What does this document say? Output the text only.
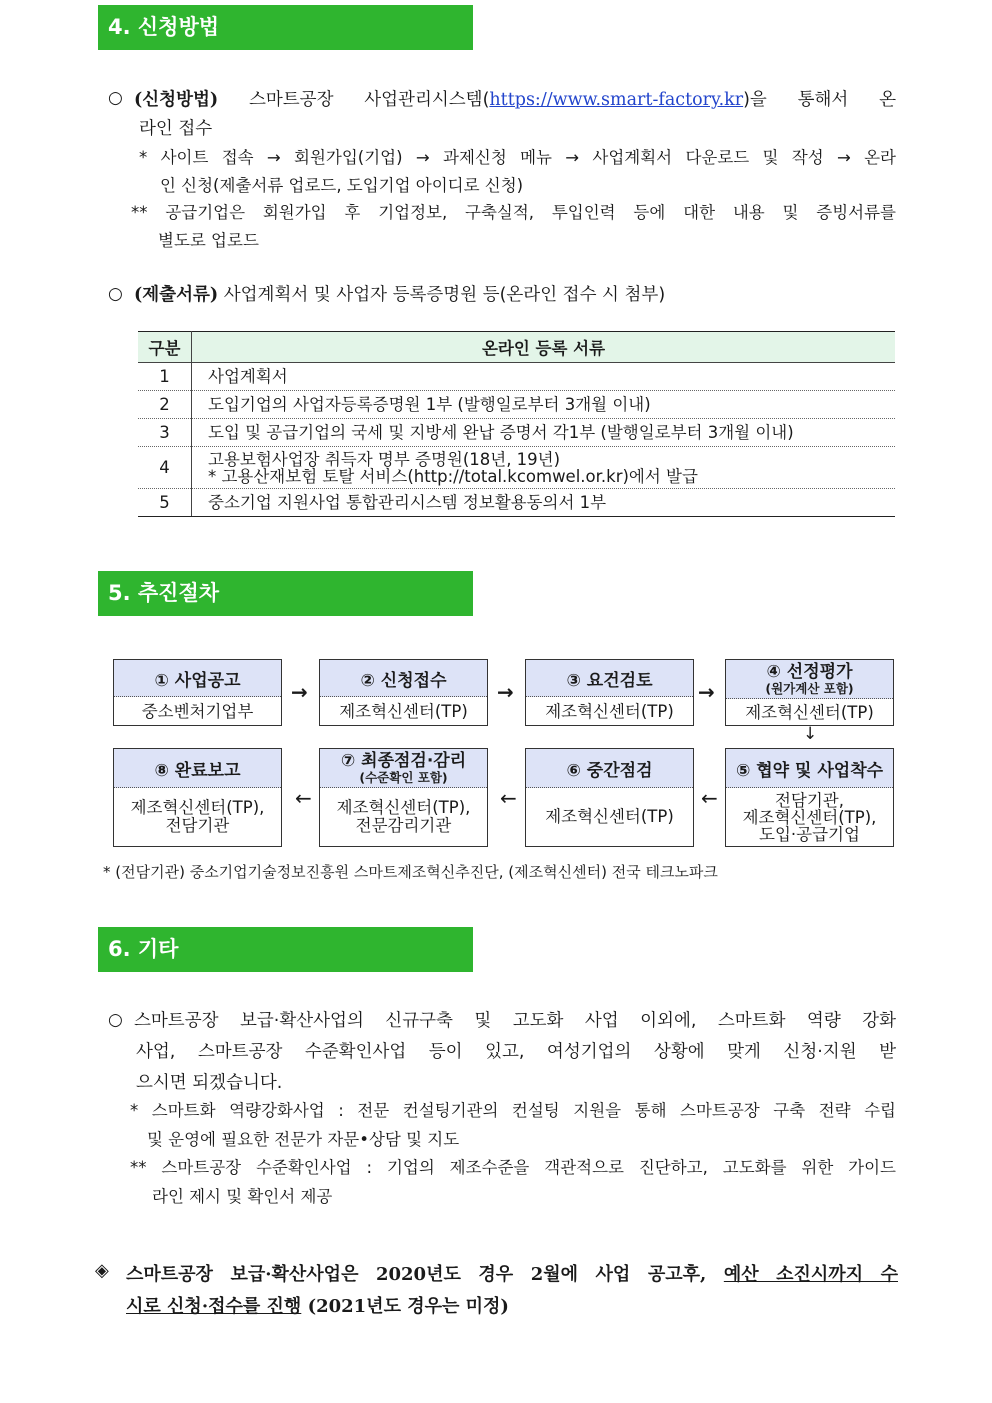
4. 신청방법
○ (신청방법) 스마트공장 사업관리시스템(https://www.smart-factory.kr)을 통해서 온
라인 접수
* 사이트 접속 → 회원가입(기업) → 과제신청 메뉴 → 사업계획서 다운로드 및 작성 → 온라
인 신청(제출서류 업로드, 도입기업 아이디로 신청)
** 공급기업은 회원가입 후 기업정보, 구축실적, 투입인력 등에 대한 내용 및 증빙서류를
별도로 업로드
○ (제출서류) 사업계획서 및 사업자 등록증명원 등(온라인 접수 시 첨부)
구분	온라인 등록 서류
1	사업계획서
2	도입기업의 사업자등록증명원 1부 (발행일로부터 3개월 이내)
3	도입 및 공급기업의 국세 및 지방세 완납 증명서 각1부 (발행일로부터 3개월 이내)
4	고용보험사업장 취득자 명부 증명원(18년, 19년)
* 고용산재보험 토탈 서비스(http://total.kcomwel.or.kr)에서 발급

5	중소기업 지원사업 통합관리시스템 정보활용동의서 1부
5. 추진절차
① 사업공고
중소벤처기업부
→	② 신청접수
제조혁신센터(TP)
→	③ 요건검토
제조혁신센터(TP)
→
④ 선정평가
(원가계산 포함)
제조혁신센터(TP)
↓
⑧ 완료보고
제조혁신센터(TP),
전담기관
←
⑦ 최종점검·감리
(수준확인 포함)
제조혁신센터(TP),
전문감리기관
←
⑥ 중간점검
제조혁신센터(TP)
←
⑤ 협약 및 사업착수
전담기관,
제조혁신센터(TP),
도입·공급기업
* (전담기관) 중소기업기술정보진흥원 스마트제조혁신추진단, (제조혁신센터) 전국 테크노파크
6. 기타
○ 스마트공장 보급·확산사업의 신규구축 및 고도화 사업 이외에, 스마트화 역량 강화
사업, 스마트공장 수준확인사업 등이 있고, 여성기업의 상황에 맞게 신청·지원 받
으시면 되겠습니다.
* 스마트화 역량강화사업 : 전문 컨설팅기관의 컨설팅 지원을 통해 스마트공장 구축 전략 수립
및 운영에 필요한 전문가 자문•상담 및 지도
** 스마트공장 수준확인사업 : 기업의 제조수준을 객관적으로 진단하고, 고도화를 위한 가이드
라인 제시 및 확인서 제공
◈ 스마트공장 보급·확산사업은 2020년도 경우 2월에 사업 공고후, 예산 소진시까지 수
시로 신청·접수를 진행 (2021년도 경우는 미정)
